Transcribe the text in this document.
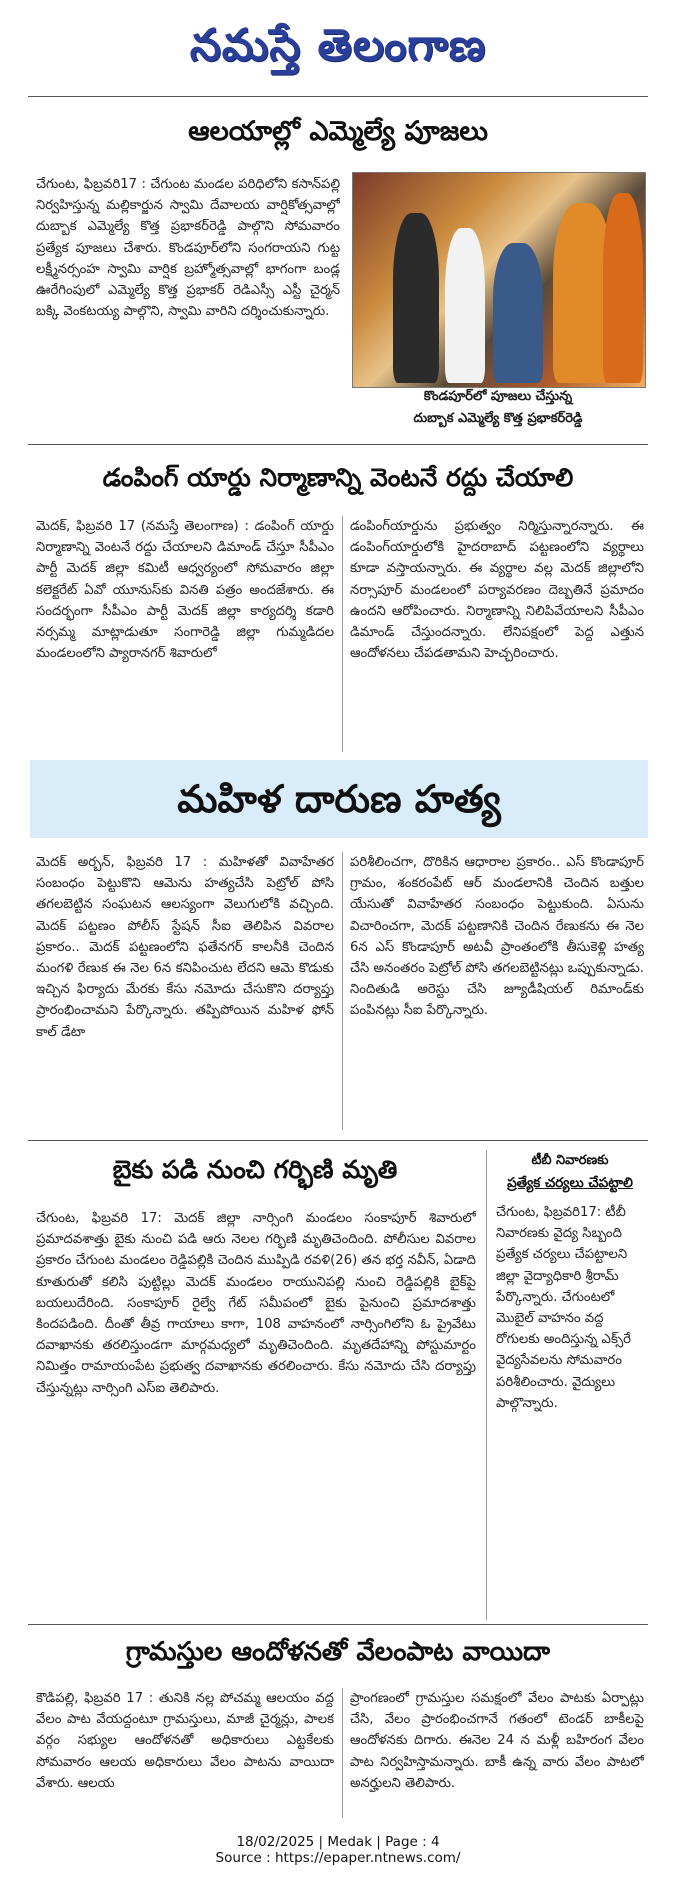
నమస్తే తెలంగాణ
ఆలయాల్లో ఎమ్మెల్యే పూజలు
చేగుంట, ఫిబ్రవరి17 : చేగుంట మండల పరిధిలోని కసాన్‌పల్లి నిర్వహిస్తున్న మల్లికార్జున స్వామి దేవాలయ వార్షికోత్సవాల్లో దుబ్బాక ఎమ్మెల్యే కొత్త ప్రభాకర్‌రెడ్డి పాల్గొని సోమవారం ప్రత్యేక పూజలు చేశారు. కొండపూర్‌లోని సంగరాయని గుట్ట లక్ష్మీనర్సంహ స్వామి వార్షిక బ్రహ్మోత్సవాల్లో భాగంగా బండ్ల ఊరేగింపులో ఎమ్మెల్యే కొత్త ప్రభాకర్ రెడిఎస్సీ ఎస్టీ చైర్మన్ బక్కి వెంకటయ్య పాల్గొని, స్వామి వారిని దర్శించుకున్నారు.
కొండపూర్‌లో పూజలు చేస్తున్న
దుబ్బాక ఎమ్మెల్యే కొత్త ప్రభాకర్‌రెడ్డి
డంపింగ్ యార్డు నిర్మాణాన్ని వెంటనే రద్దు చేయాలి
మెదక్, ఫిబ్రవరి 17 (నమస్తే తెలంగాణ) : డంపింగ్ యార్డు నిర్మాణాన్ని వెంటనే రద్దు చేయాలని డిమాండ్ చేస్తూ సీపీఎం పార్టీ మెదక్ జిల్లా కమిటీ ఆధ్వర్యంలో సోమవారం జిల్లా కలెక్టరేట్ ఏవో యూనుస్‌కు వినతి పత్రం అందజేశారు. ఈ సందర్భంగా సీపీఎం పార్టీ మెదక్ జిల్లా కార్యదర్శి కడారి నర్సమ్మ మాట్లాడుతూ సంగారెడ్డి జిల్లా గుమ్మడిదల మండలంలోని ప్యారానగర్ శివారులో
డంపింగ్‌యార్డును ప్రభుత్వం నిర్మిస్తున్నారన్నారు. ఈ డంపింగ్‌యార్డులోకి హైదరాబాద్ పట్టణంలోని వ్యర్థాలు కూడా వస్తాయన్నారు. ఈ వ్యర్థాల వల్ల మెదక్ జిల్లాలోని నర్సాపూర్ మండలంలో పర్యావరణం దెబ్బతినే ప్రమాదం ఉందని ఆరోపించారు. నిర్మాణాన్ని నిలిపివేయాలని సీపీఎం డిమాండ్ చేస్తుందన్నారు. లేనిపక్షంలో పెద్ద ఎత్తున ఆందోళనలు చేపడతామని హెచ్చరించారు.
మహిళ దారుణ హత్య
మెదక్ అర్బన్, ఫిబ్రవరి 17 : మహిళతో వివాహేతర సంబంధం పెట్టుకొని ఆమెను హత్యచేసి పెట్రోల్ పోసి తగలబెట్టిన సంఘటన ఆలస్యంగా వెలుగులోకి వచ్చింది. మెదక్ పట్టణం పోలీస్ స్టేషన్ సీఐ తెలిపిన వివరాల ప్రకారం.. మెదక్ పట్టణంలోని ఫతేనగర్ కాలనీకి చెందిన మంగళి రేణుక ఈ నెల 6న కనిపించుట లేదని ఆమె కొడుకు ఇచ్చిన ఫిర్యాదు మేరకు కేసు నమోదు చేసుకొని దర్యాప్తు ప్రారంభించామని పేర్కొన్నారు. తప్పిపోయిన మహిళ ఫోన్ కాల్ డేటా
పరిశీలించగా, దొరికిన ఆధారాల ప్రకారం.. ఎస్ కొండాపూర్ గ్రామం, శంకరంపేట్ ఆర్ మండలానికి చెందిన బత్తుల యేసుతో వివాహేతర సంబంధం పెట్టుకుంది. ఏసును విచారించగా, మెదక్ పట్టణానికి చెందిన రేణుకను ఈ నెల 6న ఎస్ కొండాపూర్ అటవీ ప్రాంతంలోకి తీసుకెళ్లి హత్య చేసి అనంతరం పెట్రోల్ పోసి తగలబెట్టినట్లు ఒప్పుకున్నాడు. నిందితుడి అరెస్టు చేసి జ్యూడీషియల్ రిమాండ్‌కు పంపినట్లు సీఐ పేర్కొన్నారు.
బైకు పడి నుంచి గర్భిణి మృతి
చేగుంట, ఫిబ్రవరి 17: మెదక్ జిల్లా నార్సింగి మండలం సంకాపూర్ శివారులో ప్రమాదవశాత్తు బైకు నుంచి పడి ఆరు నెలల గర్భిణి మృతిచెందింది. పోలీసుల వివరాల ప్రకారం చేగుంట మండలం రెడ్డిపల్లికి చెందిన ముప్పిడి రవళి(26) తన భర్త నవీన్, ఏడాది కూతురుతో కలిసి పుట్టిల్లు మెదక్ మండలం రాయునిపల్లి నుంచి రెడ్డిపల్లికి బైక్‌పై బయలుదేరింది. సంకాపూర్ రైల్వే గేట్ సమీపంలో బైకు పైనుంచి ప్రమాదశాత్తు కిందపడింది. దీంతో తీవ్ర గాయాలు కాగా, 108 వాహనంలో నార్సింగిలోని ఓ ప్రైవేటు దవాఖానకు తరలిస్తుండగా మార్గమధ్యలో మృతిచెందింది. మృతదేహాన్ని పోస్టుమార్టం నిమిత్తం రామాయంపేట ప్రభుత్వ దవాఖానకు తరలించారు. కేసు నమోదు చేసి దర్యాప్తు చేస్తున్నట్లు నార్సింగి ఎస్ఐ తెలిపారు.
టీబీ నివారణకు
ప్రత్యేక చర్యలు చేపట్టాలి
చేగుంట, ఫిబ్రవరి17: టీబీ నివారణకు వైద్య సిబ్బంది ప్రత్యేక చర్యలు చేపట్టాలని జిల్లా వైద్యాధికారి శ్రీరామ్ పేర్కొన్నారు. చేగుంటలో మొబైల్ వాహనం వద్ద రోగులకు అందిస్తున్న ఎక్స్‌రే వైద్యసేవలను సోమవారం పరిశీలించారు. వైద్యులు పాల్గొన్నారు.
గ్రామస్తుల ఆందోళనతో వేలంపాట వాయిదా
కౌడిపల్లి, ఫిబ్రవరి 17 : తునికి నల్ల పోచమ్మ ఆలయం వద్ద వేలం పాట వేయద్దంటూ గ్రామస్తులు, మాజీ చైర్మన్లు, పాలక వర్గం సభ్యుల ఆందోళనతో అధికారులు ఎట్టకేలకు సోమవారం ఆలయ అధికారులు వేలం పాటను వాయిదా వేశారు. ఆలయ
ప్రాంగణంలో గ్రామస్తుల సమక్షంలో వేలం పాటకు ఏర్పాట్లు చేసి, వేలం ప్రారంభించగానే గతంలో టెండర్ బాకీలపై ఆందోళనకు దిగారు. ఈనెల 24 న మళ్లీ బహిరంగ వేలం పాట నిర్వహిస్తామన్నారు. బాకీ ఉన్న వారు వేలం పాటలో అనర్హులని తెలిపారు.
18/02/2025 | Medak | Page : 4
Source : https://epaper.ntnews.com/
